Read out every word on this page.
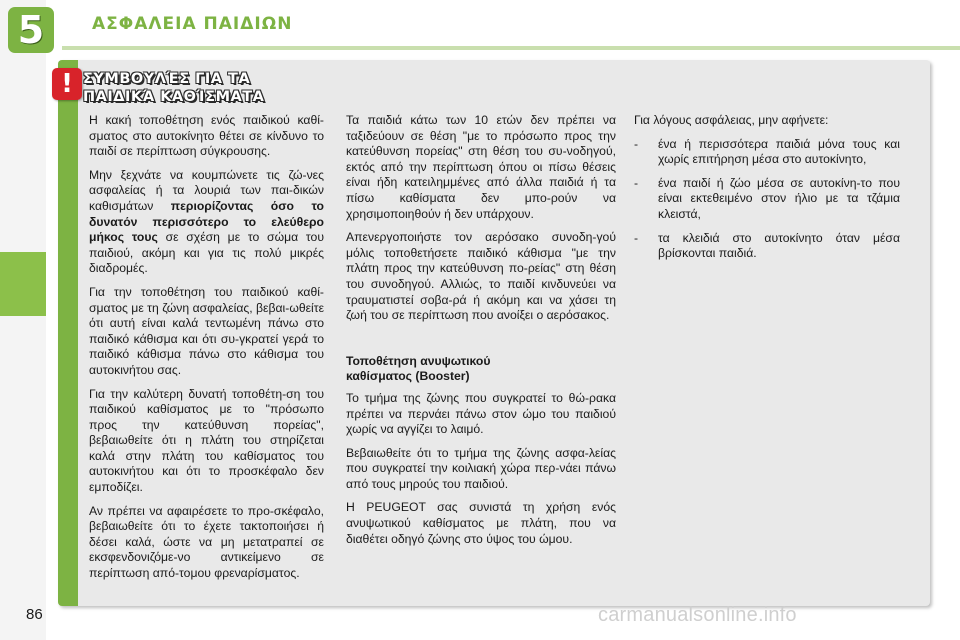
5	ΑΣΦΑΛΕΙΑ ΠΑΙΔΙΩΝ
! ΣΥΜΒΟΥΛΈΣ ΓΙΑ ΤΑ
ΠΑΙΔΙΚΆ ΚΑΘΊΣΜΑΤΑ

Η κακή τοποθέτηση ενός παιδικού καθί-σματος στο αυτοκίνητο θέτει σε κίνδυνο το παιδί σε περίπτωση σύγκρουσης.

Μην ξεχνάτε να κουμπώνετε τις ζώ-νες ασφαλείας ή τα λουριά των παι-δικών καθισμάτων περιορίζοντας όσο το δυνατόν περισσότερο το ελεύθερο μήκος τους σε σχέση με το σώμα του παιδιού, ακόμη και για τις πολύ μικρές διαδρομές.

Για την τοποθέτηση του παιδικού καθί-σματος με τη ζώνη ασφαλείας, βεβαι-ωθείτε ότι αυτή είναι καλά τεντωμένη πάνω στο παιδικό κάθισμα και ότι συ-γκρατεί γερά το παιδικό κάθισμα πάνω στο κάθισμα του αυτοκινήτου σας.

Για την καλύτερη δυνατή τοποθέτη-ση του παιδικού καθίσματος με το "πρόσωπο προς την κατεύθυνση πορείας", βεβαιωθείτε ότι η πλάτη του στηρίζεται καλά στην πλάτη του καθίσματος του αυτοκινήτου και ότι το προσκέφαλο δεν εμποδίζει.

Αν πρέπει να αφαιρέσετε το προ-σκέφαλο, βεβαιωθείτε ότι το έχετε τακτοποιήσει ή δέσει καλά, ώστε να μη μετατραπεί σε εκσφενδονιζόμε-νο αντικείμενο σε περίπτωση από-τομου φρεναρίσματος.

Τα παιδιά κάτω των 10 ετών δεν πρέπει να ταξιδεύουν σε θέση "με το πρόσωπο προς την κατεύθυνση πορείας" στη θέση του συ-νοδηγού, εκτός από την περίπτωση όπου οι πίσω θέσεις είναι ήδη κατειλημμένες από άλλα παιδιά ή τα πίσω καθίσματα δεν μπο-ρούν να χρησιμοποιηθούν ή δεν υπάρχουν.

Απενεργοποιήστε τον αερόσακο συνοδη-γού μόλις τοποθετήσετε παιδικό κάθισμα "με την πλάτη προς την κατεύθυνση πο-ρείας" στη θέση του συνοδηγού. Αλλιώς, το παιδί κινδυνεύει να τραυματιστεί σοβα-ρά ή ακόμη και να χάσει τη ζωή του σε περίπτωση που ανοίξει ο αερόσακος.

Τοποθέτηση ανυψωτικού
καθίσματος (Booster)

Το τμήμα της ζώνης που συγκρατεί το θώ-ρακα πρέπει να περνάει πάνω στον ώμο του παιδιού χωρίς να αγγίζει το λαιμό.

Βεβαιωθείτε ότι το τμήμα της ζώνης ασφα-λείας που συγκρατεί την κοιλιακή χώρα περ-νάει πάνω από τους μηρούς του παιδιού.

Η PEUGEOT σας συνιστά τη χρήση ενός ανυψωτικού καθίσματος με πλάτη, που να διαθέτει οδηγό ζώνης στο ύψος του ώμου.

Για λόγους ασφάλειας, μην αφήνετε:

- ένα ή περισσότερα παιδιά μόνα τους και χωρίς επιτήρηση μέσα στο αυτοκίνητο,
- ένα παιδί ή ζώο μέσα σε αυτοκίνη-το που είναι εκτεθειμένο στον ήλιο με τα τζάμια κλειστά,
- τα κλειδιά στο αυτοκίνητο όταν μέσα βρίσκονται παιδιά.
86	carmanualsonline.info
